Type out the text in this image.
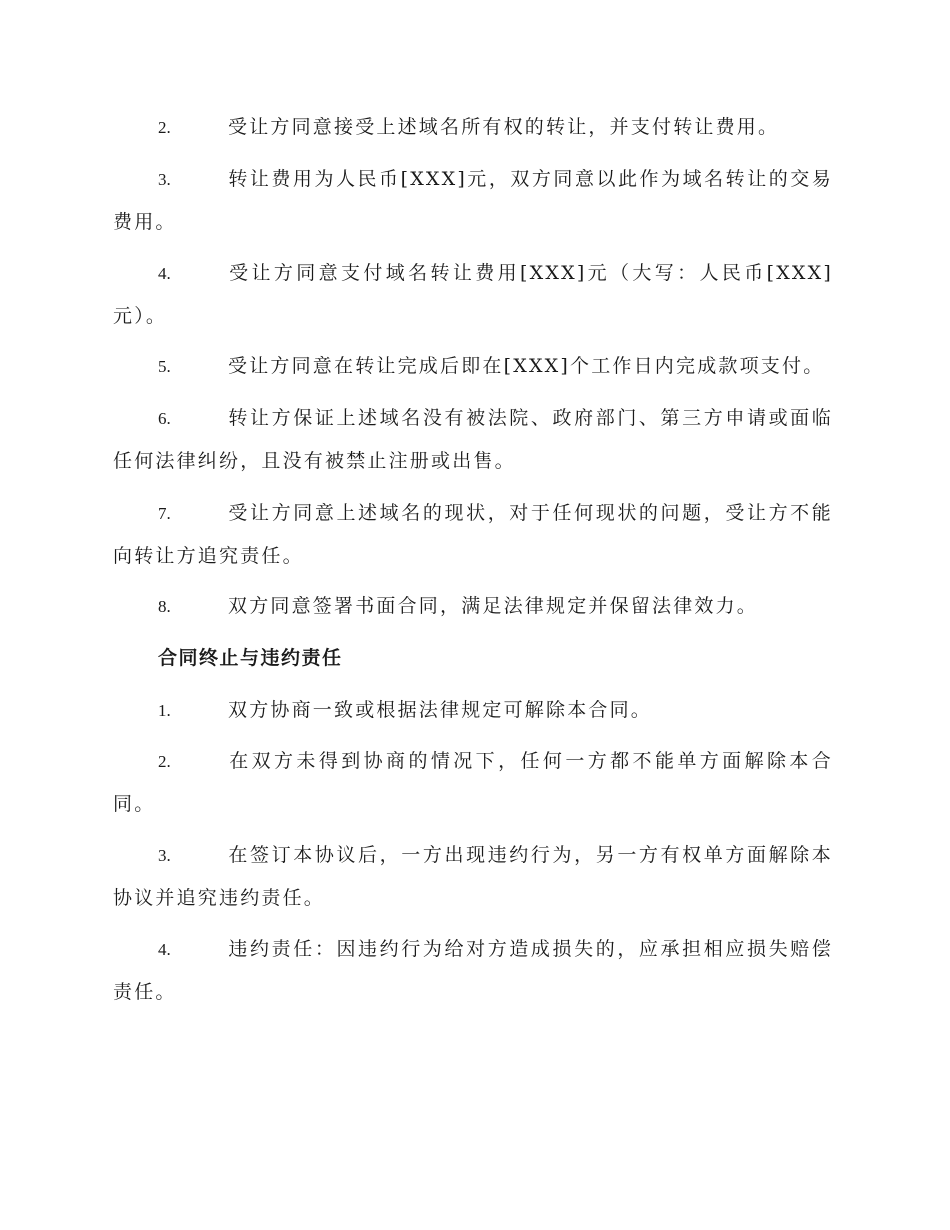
2.	受让方同意接受上述域名所有权的转让，并支付转让费用。

3.	转让费用为人民币[XXX]元，双方同意以此作为域名转让的交易费用。

4.	受让方同意支付域名转让费用[XXX]元（大写：人民币[XXX]元）。

5.	受让方同意在转让完成后即在[XXX]个工作日内完成款项支付。

6.	转让方保证上述域名没有被法院、政府部门、第三方申请或面临任何法律纠纷，且没有被禁止注册或出售。

7.	受让方同意上述域名的现状，对于任何现状的问题，受让方不能向转让方追究责任。

8.	双方同意签署书面合同，满足法律规定并保留法律效力。

合同终止与违约责任

1.	双方协商一致或根据法律规定可解除本合同。

2.	在双方未得到协商的情况下，任何一方都不能单方面解除本合同。

3.	在签订本协议后，一方出现违约行为，另一方有权单方面解除本协议并追究违约责任。

4.	违约责任：因违约行为给对方造成损失的，应承担相应损失赔偿责任。
